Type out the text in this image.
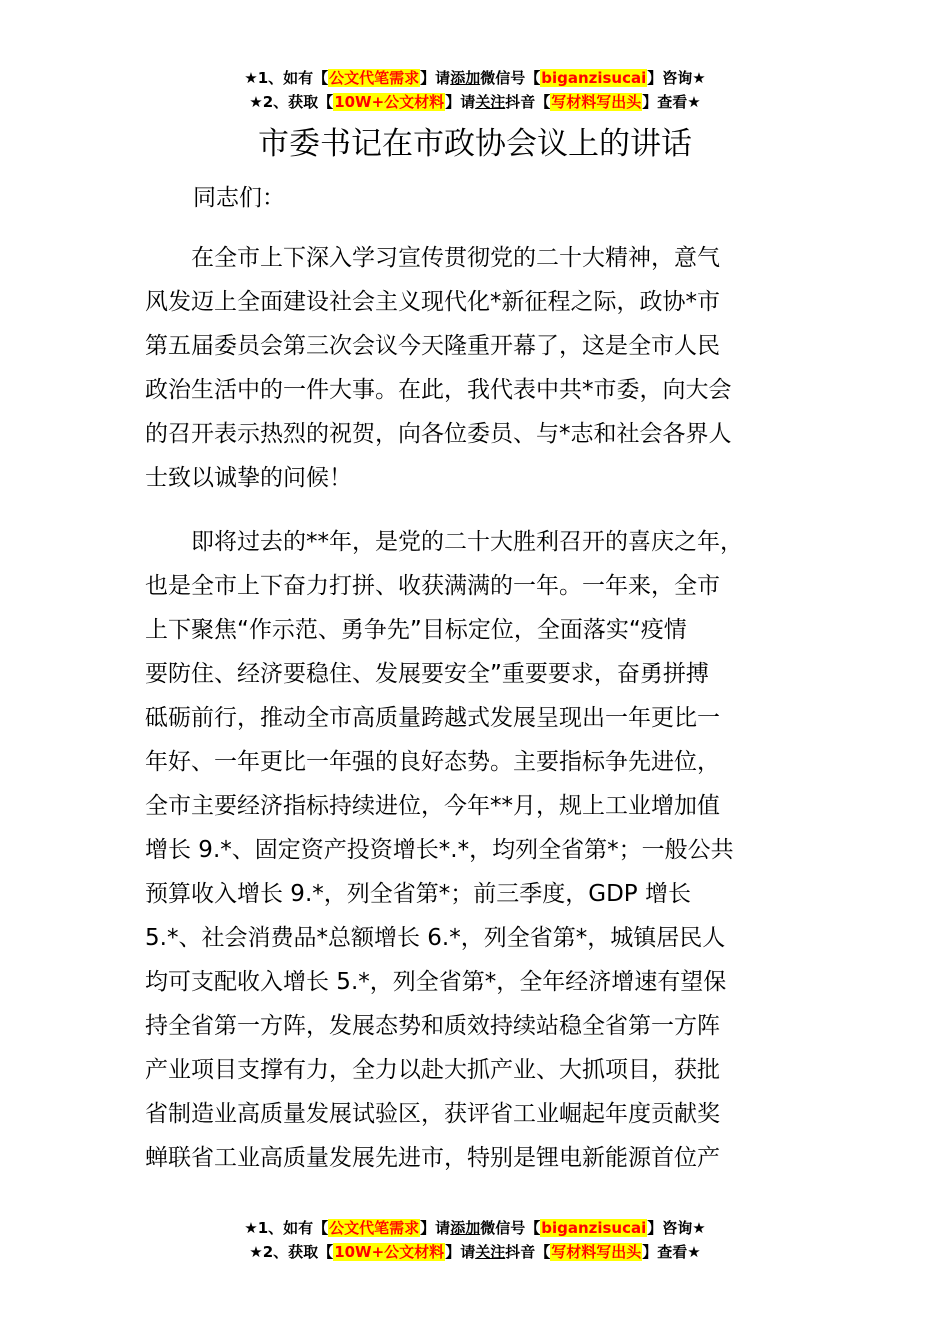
★1、如有【公文代笔需求】请添加微信号【biganzisucai】咨询★
★2、获取【10W+公文材料】请关注抖音【写材料写出头】查看★
市委书记在市政协会议上的讲话
同志们：
　　在全市上下深入学习宣传贯彻党的二十大精神，意气
风发迈上全面建设社会主义现代化*新征程之际，政协*市
第五届委员会第三次会议今天隆重开幕了，这是全市人民
政治生活中的一件大事。在此，我代表中共*市委，向大会
的召开表示热烈的祝贺，向各位委员、与*志和社会各界人
士致以诚挚的问候！
　　即将过去的**年，是党的二十大胜利召开的喜庆之年，
也是全市上下奋力打拼、收获满满的一年。一年来，全市
上下聚焦“作示范、勇争先”目标定位，全面落实“疫情
要防住、经济要稳住、发展要安全”重要要求，奋勇拼搏
砥砺前行，推动全市高质量跨越式发展呈现出一年更比一
年好、一年更比一年强的良好态势。主要指标争先进位，
全市主要经济指标持续进位，今年**月，规上工业增加值
增长 9.*、固定资产投资增长*.*，均列全省第*；一般公共
预算收入增长 9.*，列全省第*；前三季度，GDP 增长
5.*、社会消费品*总额增长 6.*，列全省第*，城镇居民人
均可支配收入增长 5.*，列全省第*，全年经济增速有望保
持全省第一方阵，发展态势和质效持续站稳全省第一方阵
产业项目支撑有力，全力以赴大抓产业、大抓项目，获批
省制造业高质量发展试验区，获评省工业崛起年度贡献奖
蝉联省工业高质量发展先进市，特别是锂电新能源首位产
★1、如有【公文代笔需求】请添加微信号【biganzisucai】咨询★
★2、获取【10W+公文材料】请关注抖音【写材料写出头】查看★
